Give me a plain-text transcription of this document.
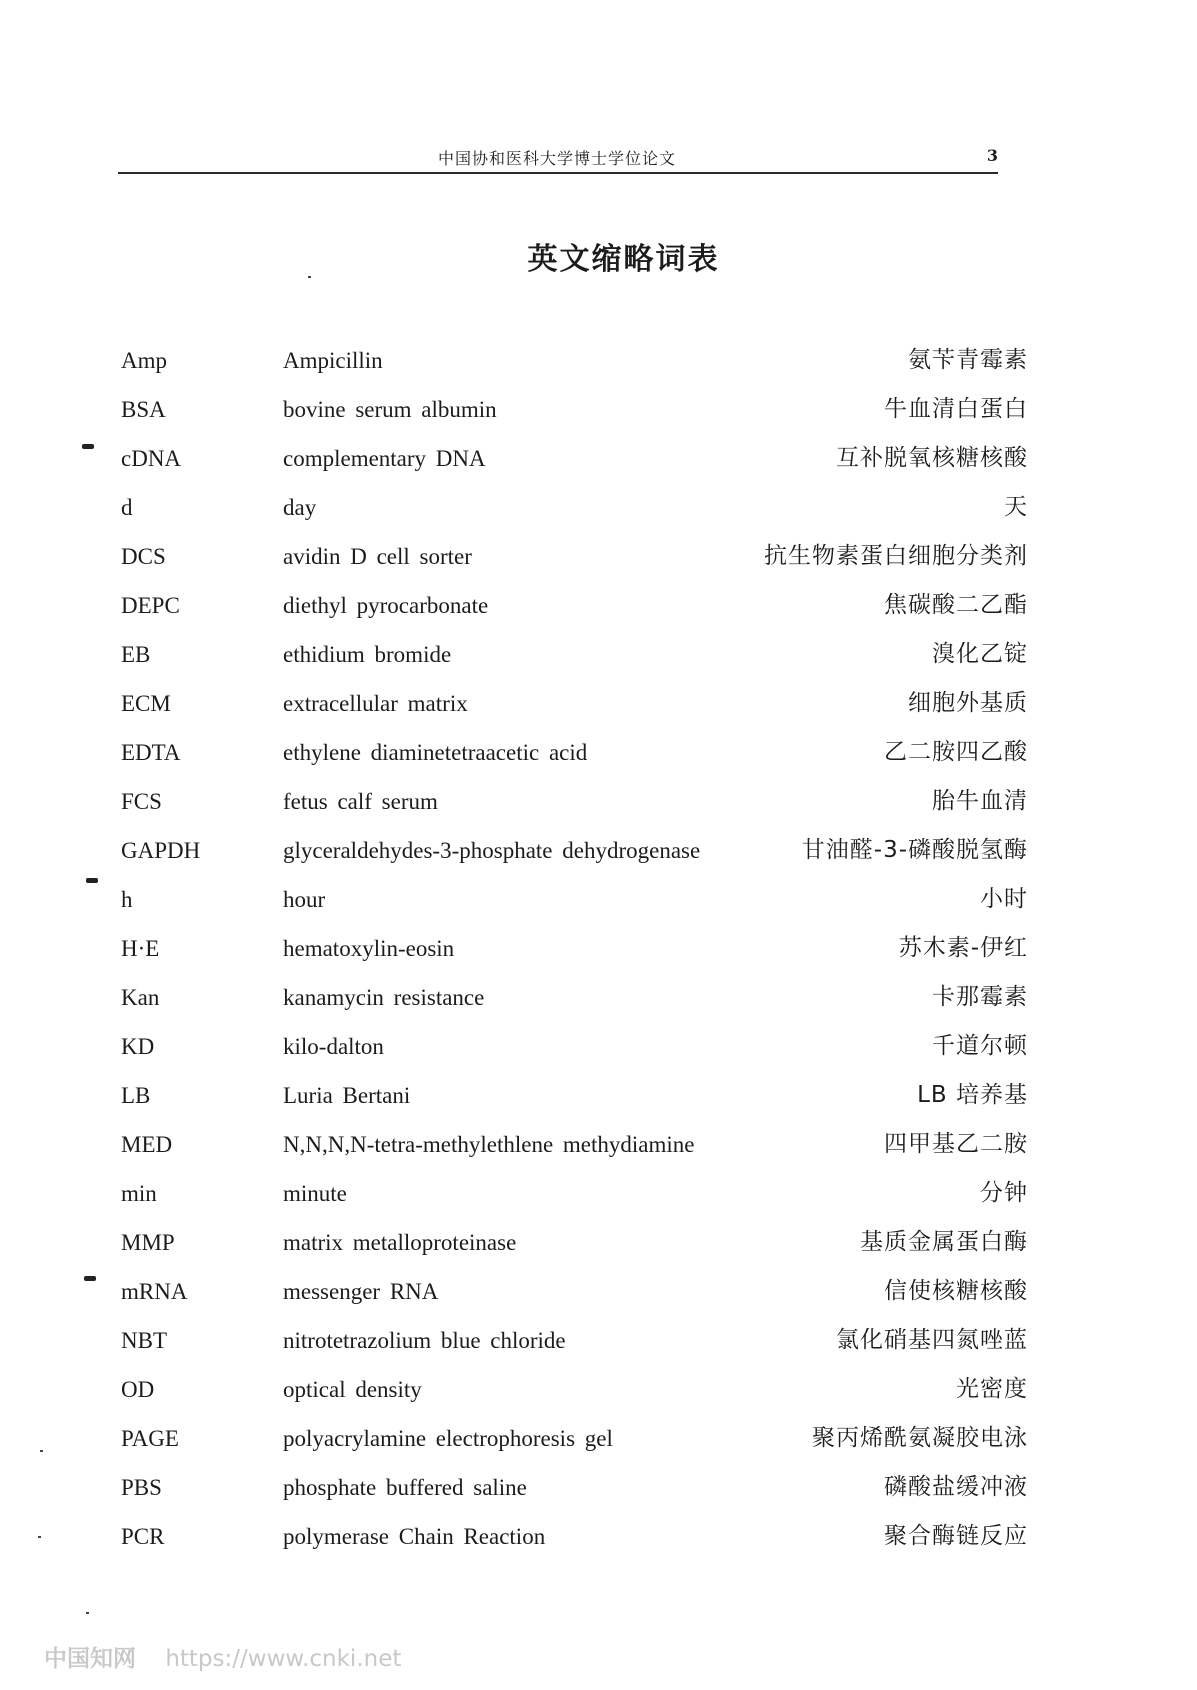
中国协和医科大学博士学位论文	3
英文缩略词表
Amp	Ampicillin	氨苄青霉素
BSA	bovine serum albumin	牛血清白蛋白
cDNA	complementary DNA	互补脱氧核糖核酸
d	day	天
DCS	avidin D cell sorter	抗生物素蛋白细胞分类剂
DEPC	diethyl pyrocarbonate	焦碳酸二乙酯
EB	ethidium bromide	溴化乙锭
ECM	extracellular matrix	细胞外基质
EDTA	ethylene diaminetetraacetic acid	乙二胺四乙酸
FCS	fetus calf serum	胎牛血清
GAPDH	glyceraldehydes-3-phosphate dehydrogenase	甘油醛-3-磷酸脱氢酶
h	hour	小时
H·E	hematoxylin-eosin	苏木素-伊红
Kan	kanamycin resistance	卡那霉素
KD	kilo-dalton	千道尔顿
LB	Luria Bertani	LB 培养基
MED	N,N,N,N-tetra-methylethlene methydiamine	四甲基乙二胺
min	minute	分钟
MMP	matrix metalloproteinase	基质金属蛋白酶
mRNA	messenger RNA	信使核糖核酸
NBT	nitrotetrazolium blue chloride	氯化硝基四氮唑蓝
OD	optical density	光密度
PAGE	polyacrylamine electrophoresis gel	聚丙烯酰氨凝胶电泳
PBS	phosphate buffered saline	磷酸盐缓冲液
PCR	polymerase Chain Reaction	聚合酶链反应
中国知网 https://www.cnki.net
